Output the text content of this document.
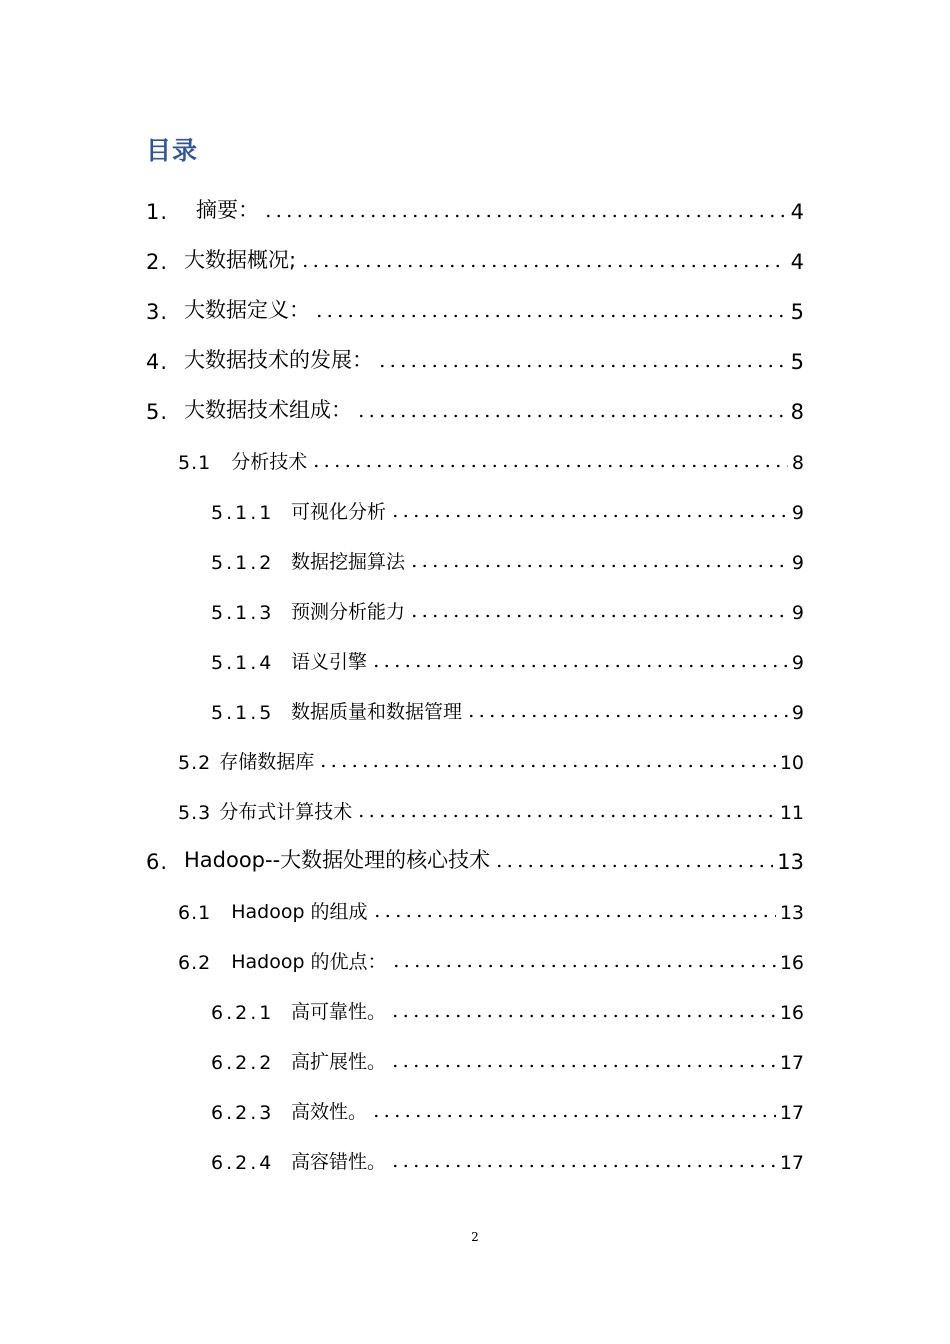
目录
1.	摘要：	4
2. 大数据概况;	4
3. 大数据定义：	5
4. 大数据技术的发展：	5
5. 大数据技术组成：	8
5.1 分析技术	8
5.1.1 可视化分析	9
5.1.2 数据挖掘算法	9
5.1.3 预测分析能力	9
5.1.4 语义引擎	9
5.1.5 数据质量和数据管理	9
5.2 存储数据库	10
5.3 分布式计算技术	11
6. Hadoop--大数据处理的核心技术	13
6.1 Hadoop 的组成	13
6.2 Hadoop 的优点：	16
6.2.1 高可靠性。	16
6.2.2 高扩展性。	17
6.2.3 高效性。	17
6.2.4 高容错性。	17
2
